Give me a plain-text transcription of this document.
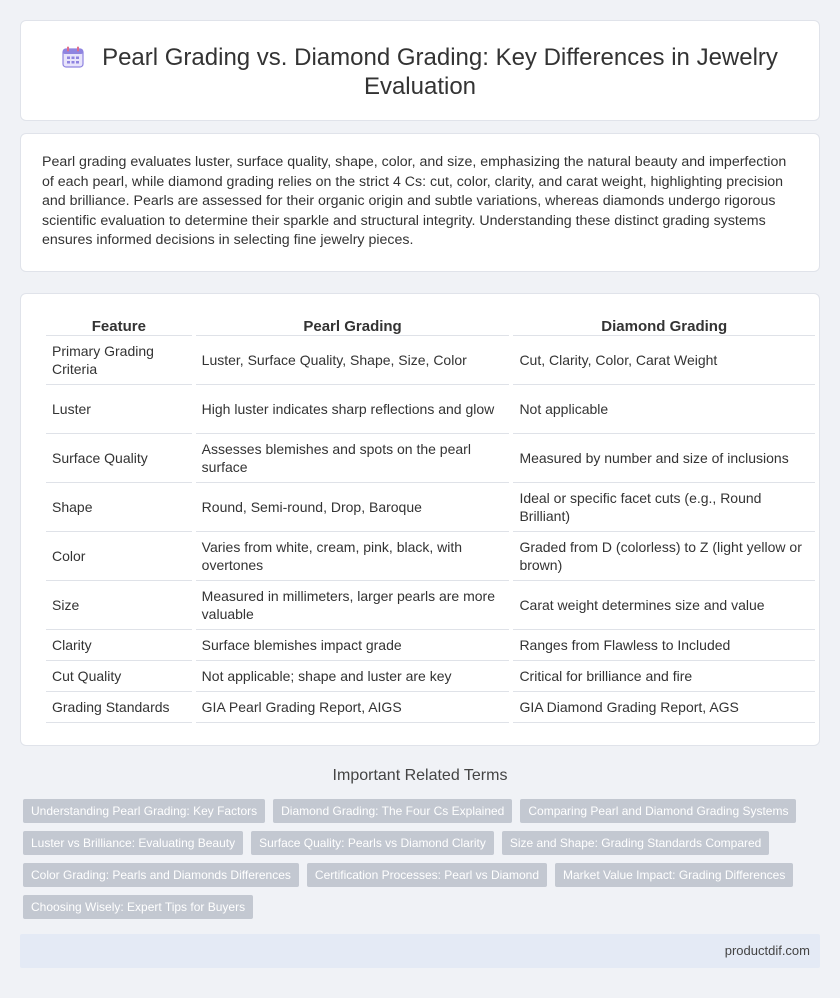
Pearl Grading vs. Diamond Grading: Key Differences in Jewelry Evaluation

Pearl grading evaluates luster, surface quality, shape, color, and size, emphasizing the natural beauty and imperfection of each pearl, while diamond grading relies on the strict 4 Cs: cut, color, clarity, and carat weight, highlighting precision and brilliance. Pearls are assessed for their organic origin and subtle variations, whereas diamonds undergo rigorous scientific evaluation to determine their sparkle and structural integrity. Understanding these distinct grading systems ensures informed decisions in selecting fine jewelry pieces.

Feature	Pearl Grading	Diamond Grading
Primary Grading Criteria	Luster, Surface Quality, Shape, Size, Color	Cut, Clarity, Color, Carat Weight
Luster	High luster indicates sharp reflections and glow	Not applicable
Surface Quality	Assesses blemishes and spots on the pearl surface	Measured by number and size of inclusions
Shape	Round, Semi-round, Drop, Baroque	Ideal or specific facet cuts (e.g., Round Brilliant)
Color	Varies from white, cream, pink, black, with overtones	Graded from D (colorless) to Z (light yellow or brown)
Size	Measured in millimeters, larger pearls are more valuable	Carat weight determines size and value
Clarity	Surface blemishes impact grade	Ranges from Flawless to Included
Cut Quality	Not applicable; shape and luster are key	Critical for brilliance and fire
Grading Standards	GIA Pearl Grading Report, AIGS	GIA Diamond Grading Report, AGS
Important Related Terms
Understanding Pearl Grading: Key Factors	Diamond Grading: The Four Cs Explained	Comparing Pearl and Diamond Grading Systems
Luster vs Brilliance: Evaluating Beauty	Surface Quality: Pearls vs Diamond Clarity	Size and Shape: Grading Standards Compared
Color Grading: Pearls and Diamonds Differences	Certification Processes: Pearl vs Diamond	Market Value Impact: Grading Differences
Choosing Wisely: Expert Tips for Buyers
productdif.com
